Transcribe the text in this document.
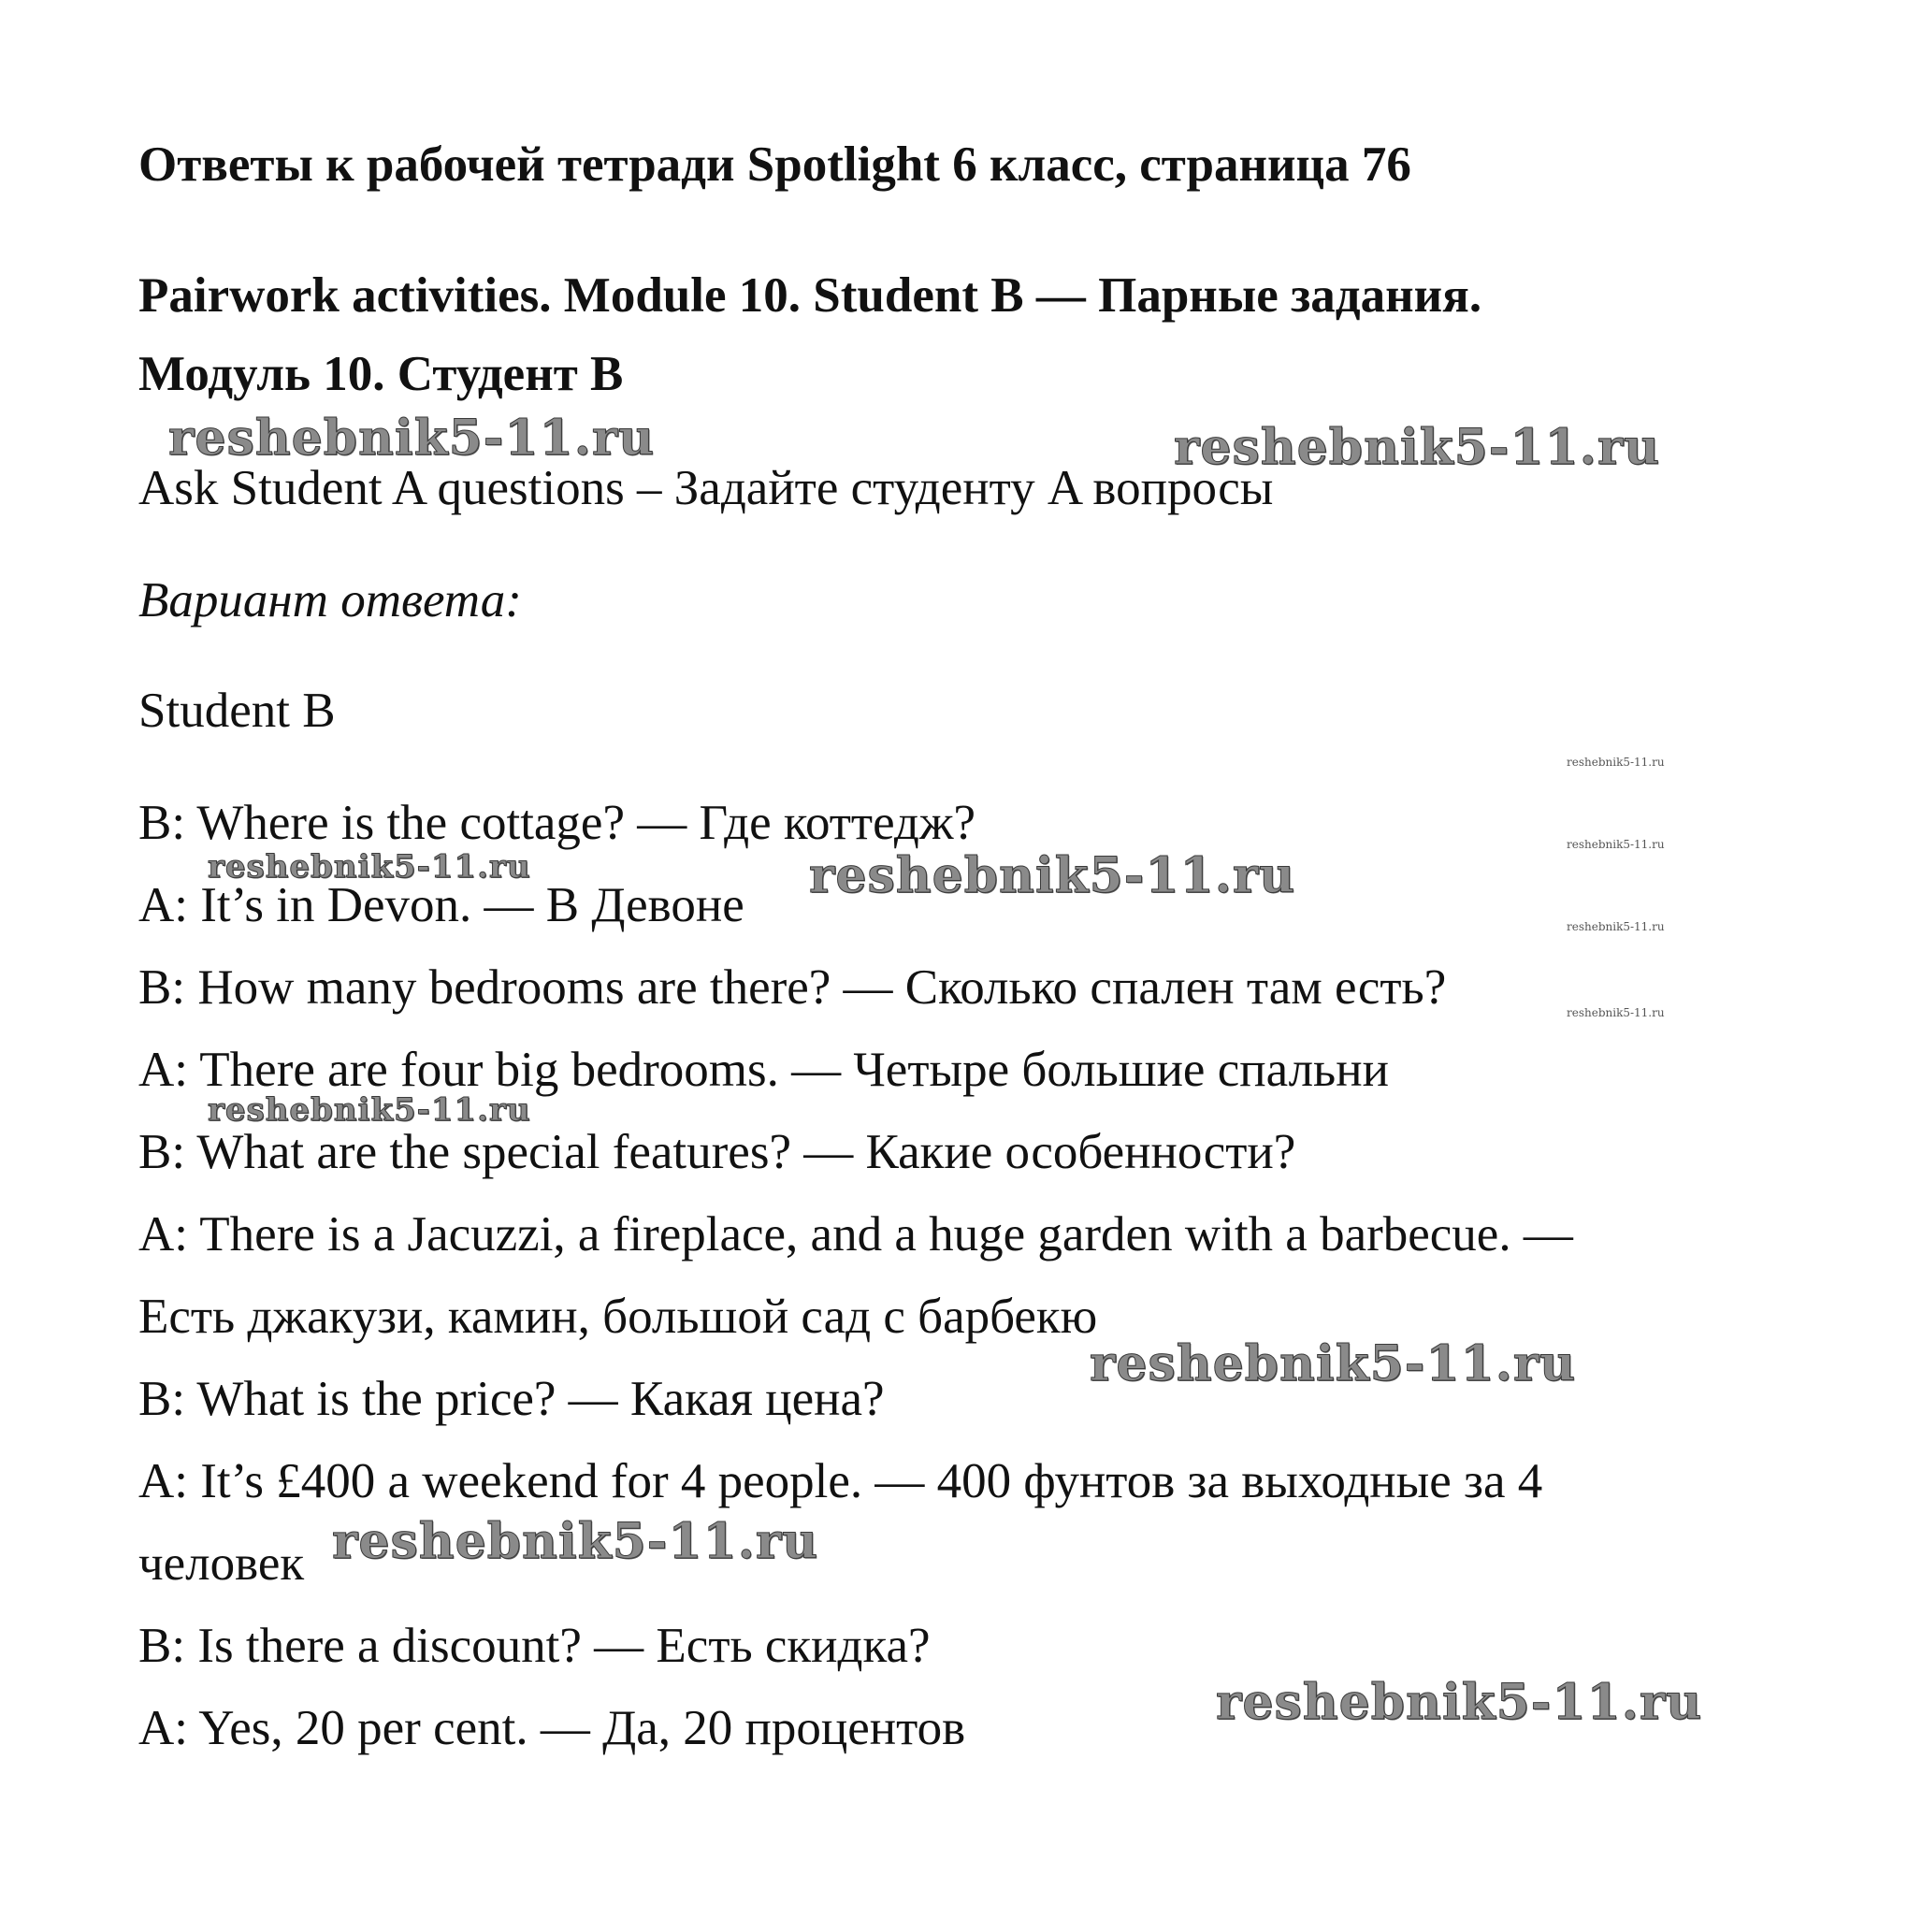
Ответы к рабочей тетради Spotlight 6 класс, страница 76
Pairwork activities. Module 10. Student B — Парные задания.
Модуль 10. Студент B
Ask Student A questions – Задайте студенту A вопросы
Вариант ответа:
Student B
B: Where is the cottage? — Где коттедж?
A: It’s in Devon. — В Девоне
B: How many bedrooms are there? — Сколько спален там есть?
A: There are four big bedrooms. — Четыре большие спальни
B: What are the special features? — Какие особенности?
A: There is a Jacuzzi, a fireplace, and a huge garden with a barbecue. —
Есть джакузи, камин, большой сад с барбекю
B: What is the price? — Какая цена?
A: It’s £400 a weekend for 4 people. — 400 фунтов за выходные за 4
человек
B: Is there a discount? — Есть скидка?
A: Yes, 20 per cent. — Да, 20 процентов
reshebnik5-11.ru	reshebnik5-11.ru
reshebnik5-11.ru
reshebnik5-11.ru
reshebnik5-11.ru
reshebnik5-11.ru
reshebnik5-11.ru
reshebnik5-11.ru
reshebnik5-11.ru
reshebnik5-11.ru
reshebnik5-11.ru
reshebnik5-11.ru
